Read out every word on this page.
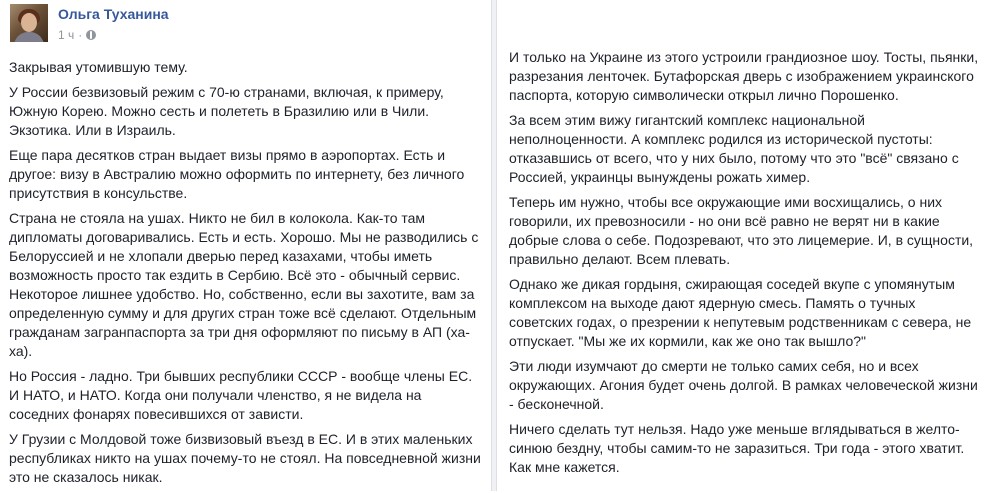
Ольга Туханина
1 ч ·

Закрывая утомившую тему.

У России безвизовый режим с 70-ю странами, включая, к примеру, Южную Корею. Можно сесть и полететь в Бразилию или в Чили. Экзотика. Или в Израиль.

Еще пара десятков стран выдает визы прямо в аэропортах. Есть и другое: визу в Австралию можно оформить по интернету, без личного присутствия в консульстве.

Страна не стояла на ушах. Никто не бил в колокола. Как-то там дипломаты договаривались. Есть и есть. Хорошо. Мы не разводились с Белоруссией и не хлопали дверью перед казахами, чтобы иметь возможность просто так ездить в Сербию. Всё это - обычный сервис. Некоторое лишнее удобство. Но, собственно, если вы захотите, вам за определенную сумму и для других стран тоже всё сделают. Отдельным гражданам загранпаспорта за три дня оформляют по письму в АП (ха-ха).

Но Россия - ладно. Три бывших республики СССР - вообще члены ЕС. И НАТО, и НАТО. Когда они получали членство, я не видела на соседних фонарях повесившихся от зависти.

У Грузии с Молдовой тоже бизвизовый въезд в ЕС. И в этих маленьких республиках никто на ушах почему-то не стоял. На повседневной жизни это не сказалось никак.

И только на Украине из этого устроили грандиозное шоу. Тосты, пьянки, разрезания ленточек. Бутафорская дверь с изображением украинского паспорта, которую символически открыл лично Порошенко.

За всем этим вижу гигантский комплекс национальной неполноценности. А комплекс родился из исторической пустоты: отказавшись от всего, что у них было, потому что это "всё" связано с Россией, украинцы вынуждены рожать химер.

Теперь им нужно, чтобы все окружающие ими восхищались, о них говорили, их превозносили - но они всё равно не верят ни в какие добрые слова о себе. Подозревают, что это лицемерие. И, в сущности, правильно делают. Всем плевать.

Однако же дикая гордыня, сжирающая соседей вкупе с упомянутым комплексом на выходе дают ядерную смесь. Память о тучных советских годах, о презрении к непутевым родственникам с севера, не отпускает. "Мы же их кормили, как же оно так вышло?"

Эти люди изумчают до смерти не только самих себя, но и всех окружающих. Агония будет очень долгой. В рамках человеческой жизни - бесконечной.

Ничего сделать тут нельзя. Надо уже меньше вглядываться в желто-синюю бездну, чтобы самим-то не заразиться. Три года - этого хватит. Как мне кажется.
